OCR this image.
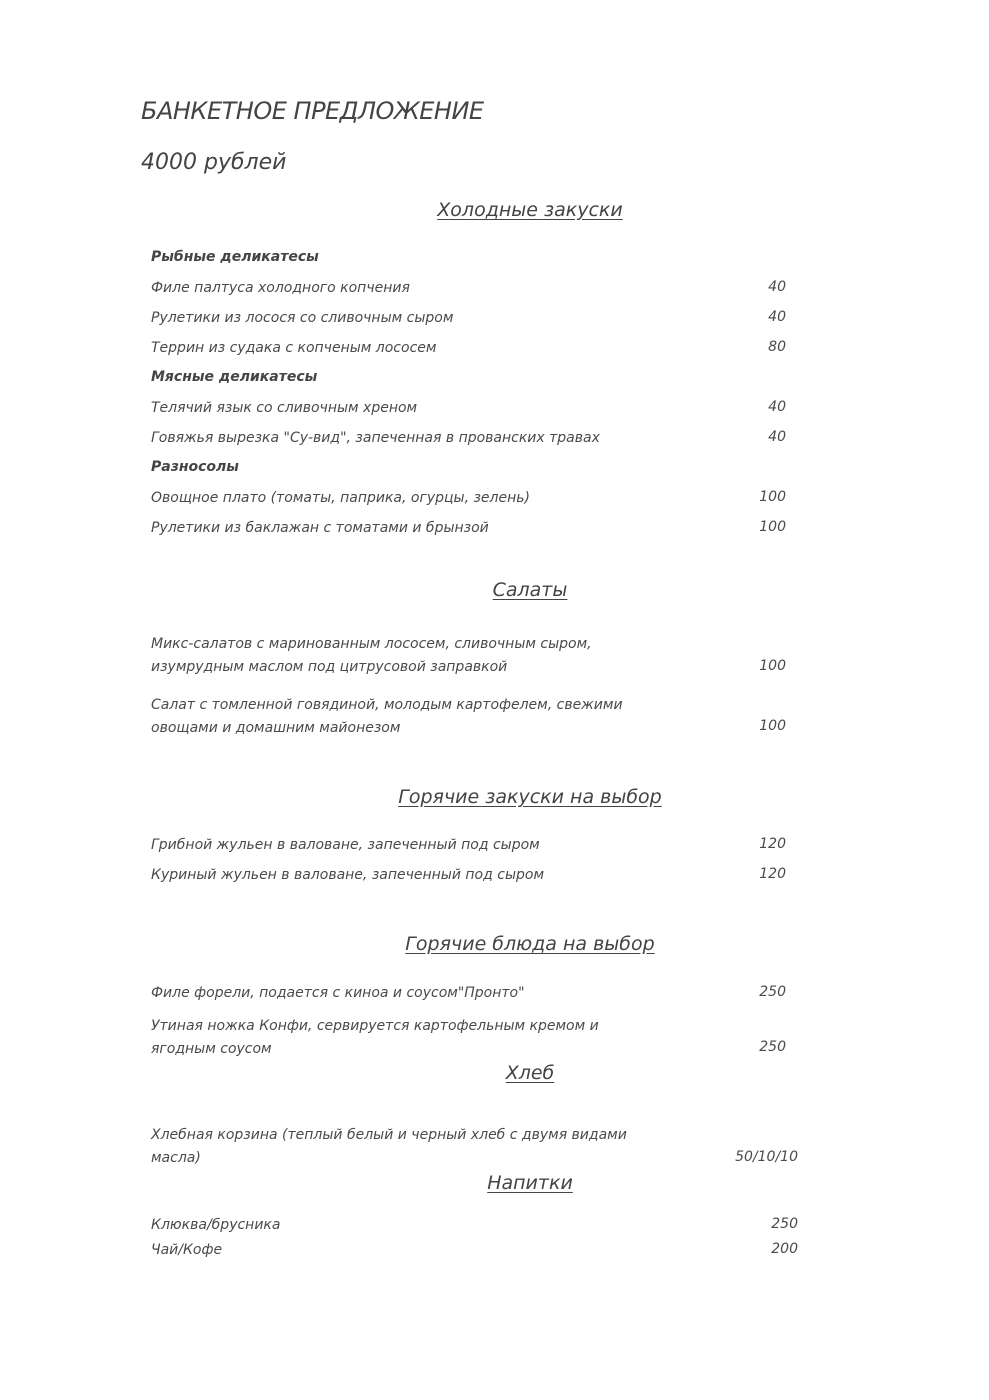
БАНКЕТНОЕ ПРЕДЛОЖЕНИЕ
4000 рублей
Холодные закуски
Рыбные деликатесы
Филе палтуса холодного копчения	40
Рулетики из лосося со сливочным сыром	40
Террин из судака с копченым лососем	80
Мясные деликатесы
Телячий язык со сливочным хреном	40
Говяжья вырезка "Су-вид", запеченная в прованских травах	40
Разносолы
Овощное плато (томаты, паприка, огурцы, зелень)	100
Рулетики из баклажан с томатами и брынзой	100
Салаты
Микс-салатов с маринованным лососем, сливочным сыром, изумрудным маслом под цитрусовой заправкой	100
Салат с томленной говядиной, молодым картофелем, свежими овощами и домашним майонезом	100
Горячие закуски на выбор
Грибной жульен в валоване, запеченный под сыром	120
Куриный жульен в валоване, запеченный под сыром	120
Горячие блюда на выбор
Филе форели, подается с киноа и соусом"Пронто"	250
Утиная ножка Конфи, сервируется картофельным кремом и ягодным соусом	250
Хлеб
Хлебная корзина (теплый белый и черный хлеб с двумя видами масла)	50/10/10
Напитки
Клюква/брусника	250
Чай/Кофе	200
